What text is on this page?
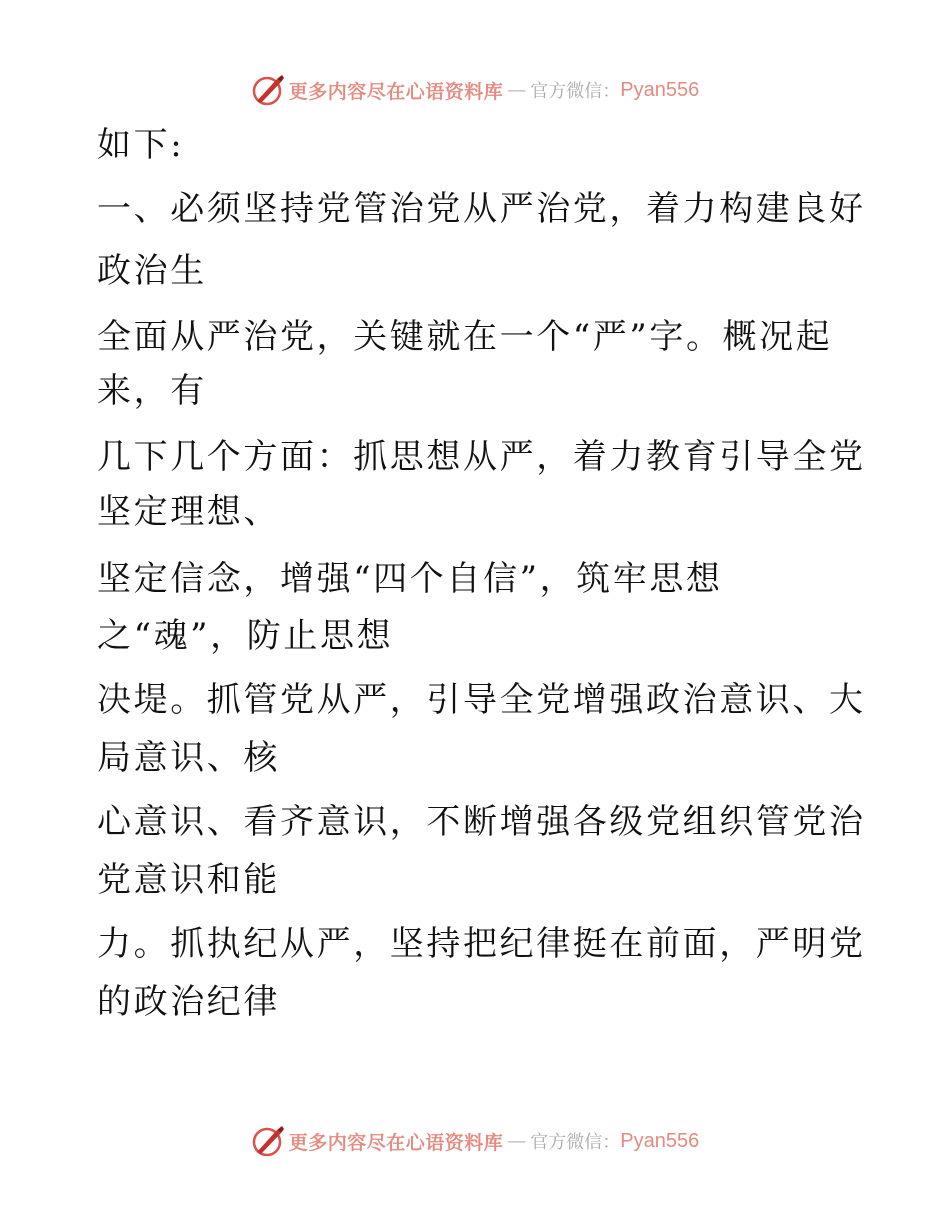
更多内容尽在心语资料库 — 官方微信： Pyan556
如下:
一、必须坚持党管治党从严治党，着力构建良好
政治生
全面从严治党，关键就在一个“严”字。概况起
来，有
几下几个方面：抓思想从严，着力教育引导全党
坚定理想、
坚定信念，增强“四个自信”，筑牢思想
之“魂”，防止思想
决堤。抓管党从严，引导全党增强政治意识、大
局意识、核
心意识、看齐意识，不断增强各级党组织管党治
党意识和能
力。抓执纪从严，坚持把纪律挺在前面，严明党
的政治纪律
更多内容尽在心语资料库 — 官方微信： Pyan556
